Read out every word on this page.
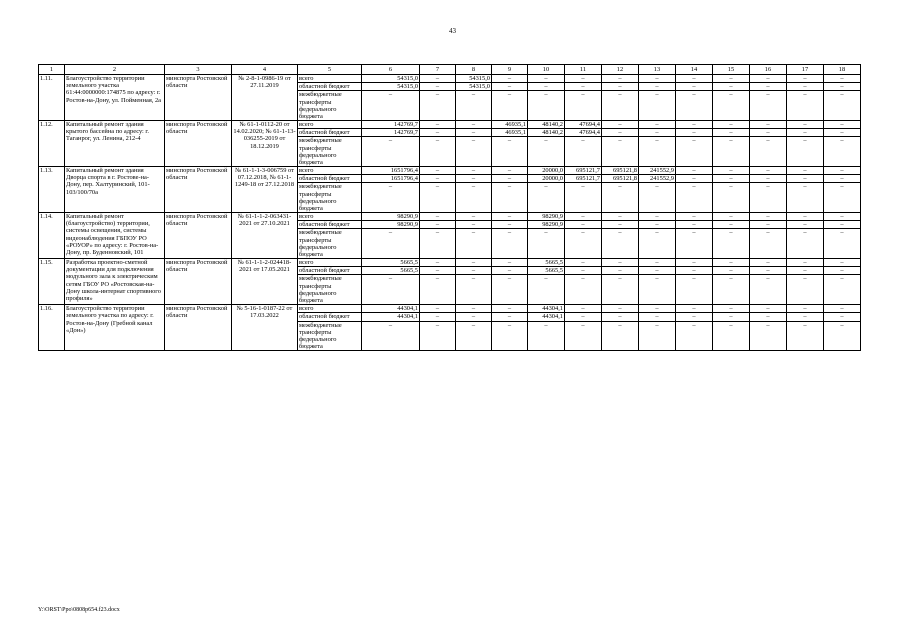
43
1	2	3	4	5	6	7	8	9	10	11	12	13	14	15	16	17	18
1.11.	Благоустройство территории земельного участка 61:44:0000000:174875 по адресу: г. Ростов-на-Дону, ул. Пойменная, 2а	минспорта Ростовской области	№ 2-8-1-0986-19 от 27.11.2019	всего	54315,0	–	54315,0	–	–	–	–	–	–	–	–	–	–
				областной бюджет	54315,0	–	54315,0	–	–	–	–	–	–	–	–	–	–
				межбюджетные трансферты федерального бюджета	–	–	–	–	–	–	–	–	–	–	–	–	–
1.12.	Капитальный ремонт здания крытого бассейна по адресу: г. Таганрог, ул. Ленина, 212-4	минспорта Ростовской области	№ 61-1-0112-20 от 14.02.2020; № 61-1-13-036255-2019 от 18.12.2019	всего	142769,7	–	–	46935,1	48140,2	47694,4	–	–	–	–	–	–	–
				областной бюджет	142769,7	–	–	46935,1	48140,2	47694,4	–	–	–	–	–	–	–
				межбюджетные трансферты федерального бюджета	–	–	–	–	–	–	–	–	–	–	–	–	–
1.13.	Капитальный ремонт здания Дворца спорта в г. Ростове-на-Дону, пер. Халтуринский, 101-103/100/70а	минспорта Ростовской области	№ 61-1-1-3-006759 от 07.12.2018, № 61-1-1249-18 от 27.12.2018	всего	1651796,4	–	–	–	20000,0	695121,7	695121,8	241552,9	–	–	–	–	–
				областной бюджет	1651796,4	–	–	–	20000,0	695121,7	695121,8	241552,9	–	–	–	–	–
				межбюджетные трансферты федерального бюджета	–	–	–	–	–	–	–	–	–	–	–	–	–
1.14.	Капитальный ремонт (благоустройство) территории, системы освещения, системы видеонаблюдения ГБПОУ РО «РОУОР» по адресу: г. Ростов-на-Дону, пр. Буденновский, 101	минспорта Ростовской области	№ 61-1-1-2-063431-2021 от 27.10.2021	всего	98290,9	–	–	–	98290,9	–	–	–	–	–	–	–	–
				областной бюджет	98290,9	–	–	–	98290,9	–	–	–	–	–	–	–	–
				межбюджетные трансферты федерального бюджета	–	–	–	–	–	–	–	–	–	–	–	–	–
1.15.	Разработка проектно-сметной документации для подключения модульного зала к электрическим сетям ГБОУ РО «Ростовская-на-Дону школа-интернат спортивного профиля»	минспорта Ростовской области	№ 61-1-1-2-024418-2021 от 17.05.2021	всего	5665,5	–	–	–	5665,5	–	–	–	–	–	–	–	–
				областной бюджет	5665,5	–	–	–	5665,5	–	–	–	–	–	–	–	–
				межбюджетные трансферты федерального бюджета	–	–	–	–	–	–	–	–	–	–	–	–	–
1.16.	Благоустройство территории земельного участка по адресу: г. Ростов-на-Дону (Гребной канал «Дон»)	минспорта Ростовской области	№ 5-16-1-0187-22 от 17.03.2022	всего	44304,1	–	–	–	44304,1	–	–	–	–	–	–	–	–
				областной бюджет	44304,1	–	–	–	44304,1	–	–	–	–	–	–	–	–
				межбюджетные трансферты федерального бюджета	–	–	–	–	–	–	–	–	–	–	–	–	–
Y:\ORST\Ppo\0808p654.f23.docx
